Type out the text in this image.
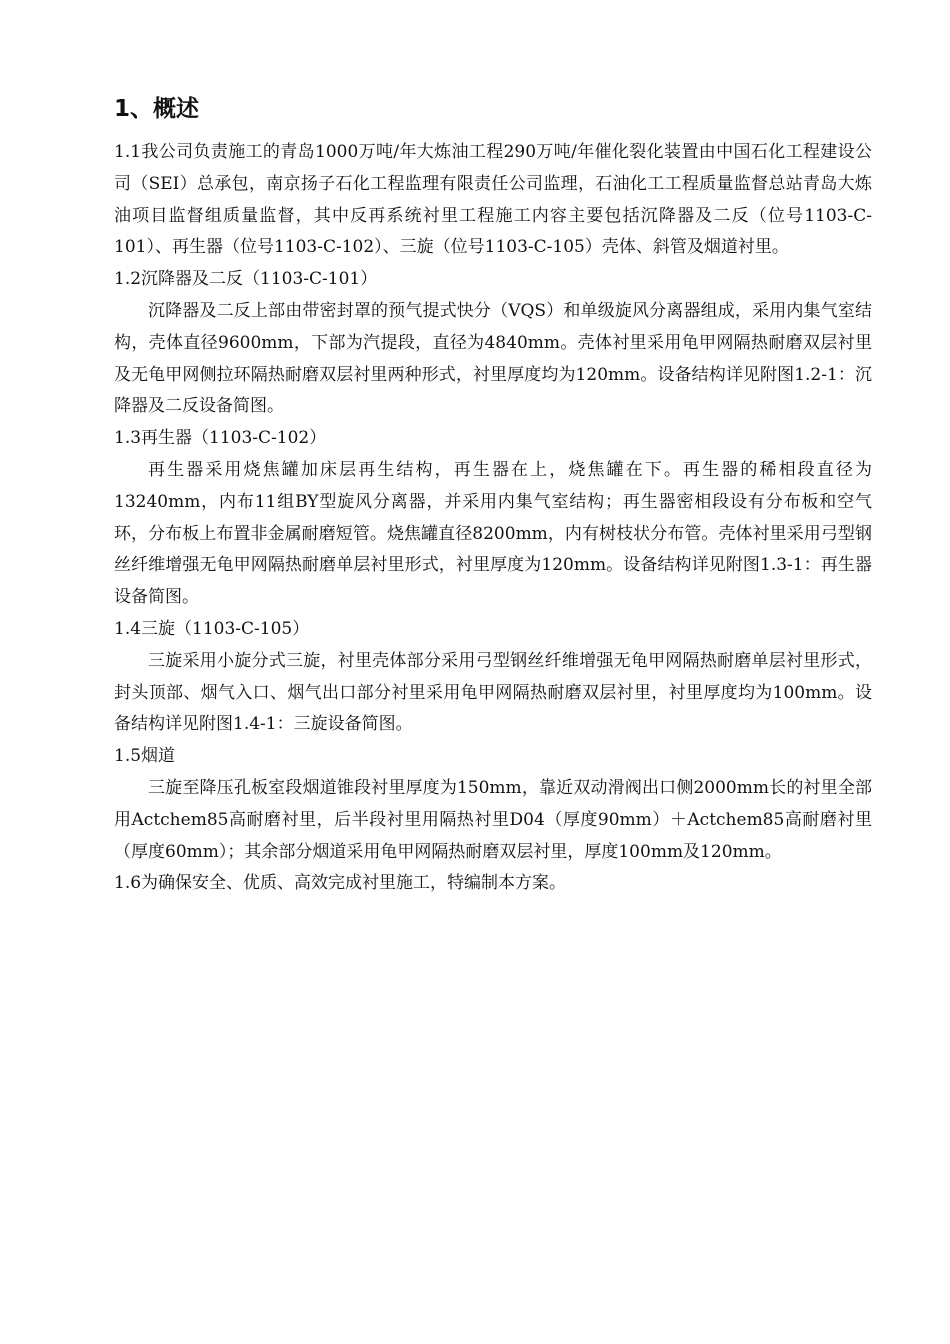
1、概述

1.1我公司负责施工的青岛1000万吨/年大炼油工程290万吨/年催化裂化装置由中国石化工程建设公司（SEI）总承包，南京扬子石化工程监理有限责任公司监理，石油化工工程质量监督总站青岛大炼油项目监督组质量监督，其中反再系统衬里工程施工内容主要包括沉降器及二反（位号1103-C-101）、再生器（位号1103-C-102）、三旋（位号1103-C-105）壳体、斜管及烟道衬里。

1.2沉降器及二反（1103-C-101）

沉降器及二反上部由带密封罩的预气提式快分（VQS）和单级旋风分离器组成，采用内集气室结构，壳体直径9600mm，下部为汽提段，直径为4840mm。壳体衬里采用龟甲网隔热耐磨双层衬里及无龟甲网侧拉环隔热耐磨双层衬里两种形式，衬里厚度均为120mm。设备结构详见附图1.2-1：沉降器及二反设备简图。

1.3再生器（1103-C-102）

再生器采用烧焦罐加床层再生结构，再生器在上，烧焦罐在下。再生器的稀相段直径为13240mm，内布11组BY型旋风分离器，并采用内集气室结构；再生器密相段设有分布板和空气环，分布板上布置非金属耐磨短管。烧焦罐直径8200mm，内有树枝状分布管。壳体衬里采用弓型钢丝纤维增强无龟甲网隔热耐磨单层衬里形式，衬里厚度为120mm。设备结构详见附图1.3-1：再生器设备简图。

1.4三旋（1103-C-105）

三旋采用小旋分式三旋，衬里壳体部分采用弓型钢丝纤维增强无龟甲网隔热耐磨单层衬里形式，封头顶部、烟气入口、烟气出口部分衬里采用龟甲网隔热耐磨双层衬里，衬里厚度均为100mm。设备结构详见附图1.4-1：三旋设备简图。

1.5烟道

三旋至降压孔板室段烟道锥段衬里厚度为150mm，靠近双动滑阀出口侧2000mm长的衬里全部用Actchem85高耐磨衬里，后半段衬里用隔热衬里D04（厚度90mm）＋Actchem85高耐磨衬里（厚度60mm）；其余部分烟道采用龟甲网隔热耐磨双层衬里，厚度100mm及120mm。

1.6为确保安全、优质、高效完成衬里施工，特编制本方案。
